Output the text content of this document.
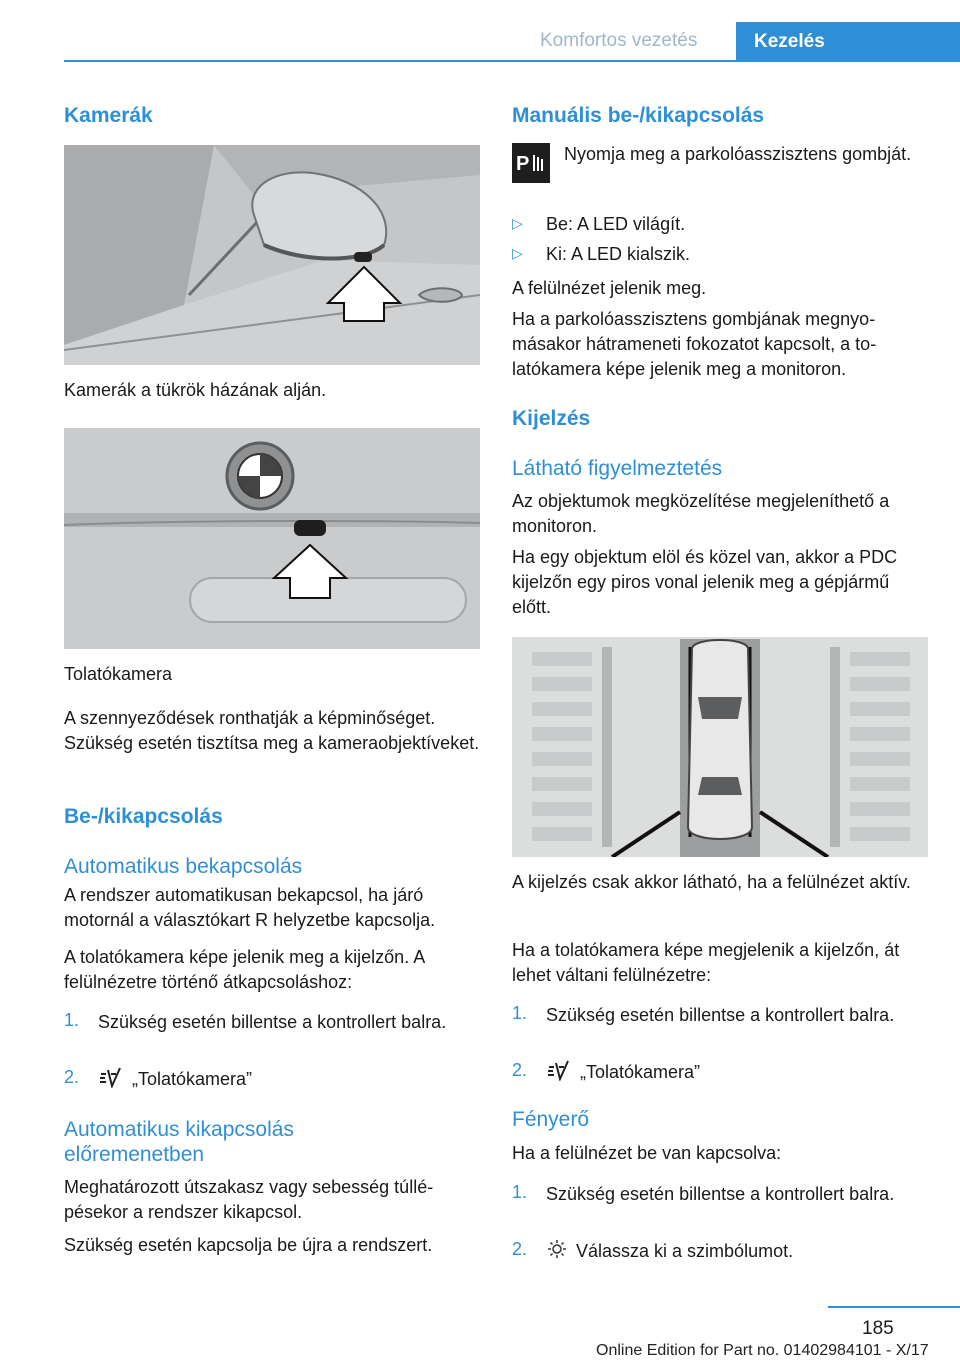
Komfortos vezetés	Kezelés
Kamerák
Kamerák a tükrök házának alján.
Tolatókamera
A szennyeződések ronthatják a képminőséget. Szükség esetén tisztítsa meg a kameraobjektíveket.
Be-/kikapcsolás
Automatikus bekapcsolás
A rendszer automatikusan bekapcsol, ha járó motornál a választókart R helyzetbe kapcsolja.
A tolatókamera képe jelenik meg a kijelzőn. A felülnézetre történő átkapcsoláshoz:
1. Szükség esetén billentse a kontrollert balra.
2.	„Tolatókamera”
Automatikus kikapcsolás
előremenetben
Meghatározott útszakasz vagy sebesség túllépésekor a rendszer kikapcsol.
Szükség esetén kapcsolja be újra a rendszert.
Manuális be-/kikapcsolás
P Nyomja meg a parkolóasszisztens gombját.
▷ Be: A LED világít.
▷ Ki: A LED kialszik.
A felülnézet jelenik meg.
Ha a parkolóasszisztens gombjának megnyomásakor hátrameneti fokozatot kapcsolt, a tolatókamera képe jelenik meg a monitoron.
Kijelzés
Látható figyelmeztetés
Az objektumok megközelítése megjeleníthető a monitoron.
Ha egy objektum elöl és közel van, akkor a PDC kijelzőn egy piros vonal jelenik meg a gépjármű előtt.
A kijelzés csak akkor látható, ha a felülnézet aktív.
Ha a tolatókamera képe megjelenik a kijelzőn, át lehet váltani felülnézetre:
1. Szükség esetén billentse a kontrollert balra.
2.	„Tolatókamera”
Fényerő
Ha a felülnézet be van kapcsolva:
1. Szükség esetén billentse a kontrollert balra.
2.	Válassza ki a szimbólumot.
185
Online Edition for Part no. 01402984101 - X/17
